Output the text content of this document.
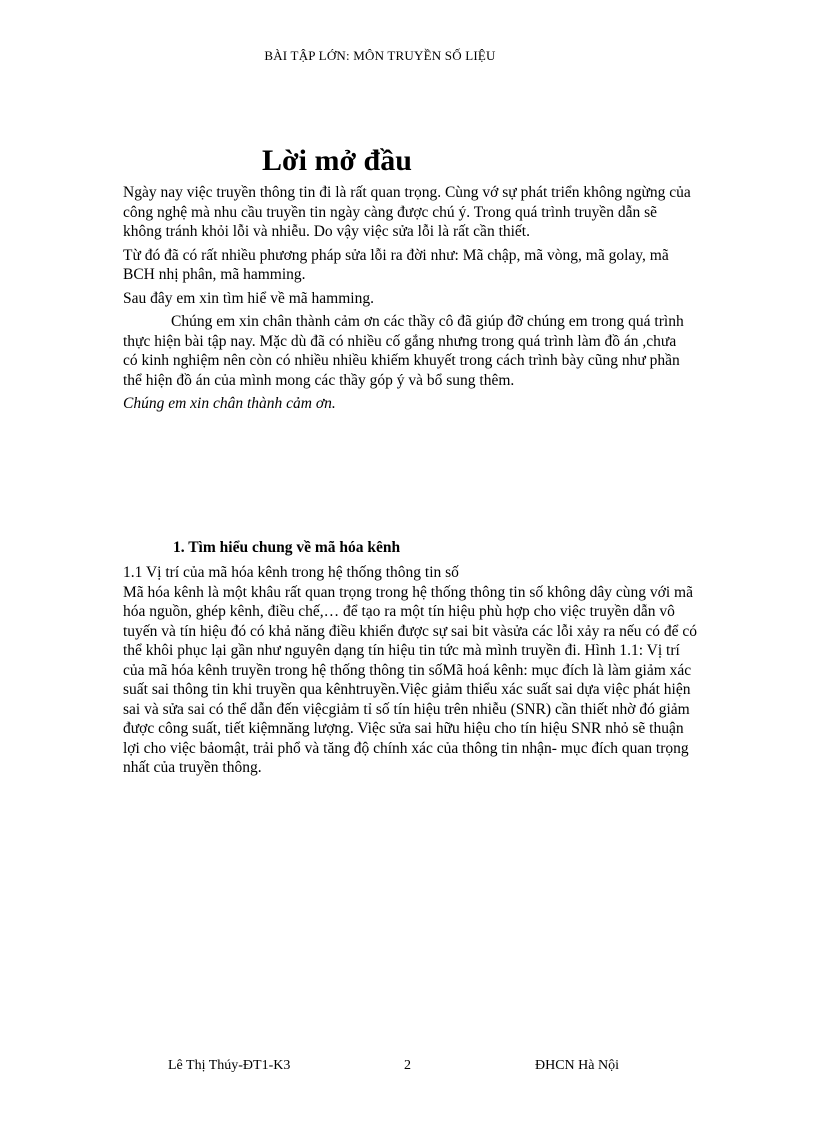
BÀI TẬP LỚN: MÔN TRUYỀN SỐ LIỆU
Lời mở đầu

Ngày nay việc truyền thông tin đi là rất quan trọng. Cùng vớ sự phát triển không ngừng của công nghệ mà nhu cầu truyền tin ngày càng được chú ý. Trong quá trình truyền dẫn sẽ không tránh khỏi lỗi và nhiễu. Do vậy việc sửa lỗi là rất cần thiết.

Từ đó đã có rất nhiều phương pháp sửa lỗi ra đời như: Mã chập, mã vòng, mã golay, mã BCH nhị phân, mã hamming.

Sau đây em xin tìm hiể về mã hamming.

Chúng em xin chân thành cảm ơn các thầy cô đã giúp đỡ chúng em trong quá trình thực hiện bài tập nay. Mặc dù đã có nhiều cố gắng nhưng trong quá trình làm đồ án ,chưa có kinh nghiệm nên còn có nhiều nhiều khiếm khuyết trong cách trình bày cũng như phần thể hiện đồ án của mình mong các thầy góp ý và bổ sung thêm.

Chúng em xin chân thành cảm ơn.

1. Tìm hiểu chung về mã hóa kênh

1.1 Vị trí của mã hóa kênh trong hệ thống thông tin số

Mã hóa kênh là một khâu rất quan trọng trong hệ thống thông tin số không dây cùng với mã hóa nguồn, ghép kênh, điều chế,… để tạo ra một tín hiệu phù hợp cho việc truyền dẫn vô tuyến và tín hiệu đó có khả năng điều khiển được sự sai bit vàsửa các lỗi xảy ra nếu có để có thể khôi phục lại gần như nguyên dạng tín hiệu tin tức mà mình truyền đi. Hình 1.1: Vị trí của mã hóa kênh truyền trong hệ thống thông tin sốMã hoá kênh: mục đích là làm giảm xác suất sai thông tin khi truyền qua kênhtruyền.Việc giảm thiểu xác suất sai dựa việc phát hiện sai và sửa sai có thể dẫn đến việcgiảm tỉ số tín hiệu trên nhiễu (SNR) cần thiết nhờ đó giảm được công suất, tiết kiệmnăng lượng. Việc sửa sai hữu hiệu cho tín hiệu SNR nhỏ sẽ thuận lợi cho việc bảomật, trải phổ và tăng độ chính xác của thông tin nhận- mục đích quan trọng nhất của truyền thông.

Lê Thị Thúy-ĐT1-K3	2	ĐHCN Hà Nội
